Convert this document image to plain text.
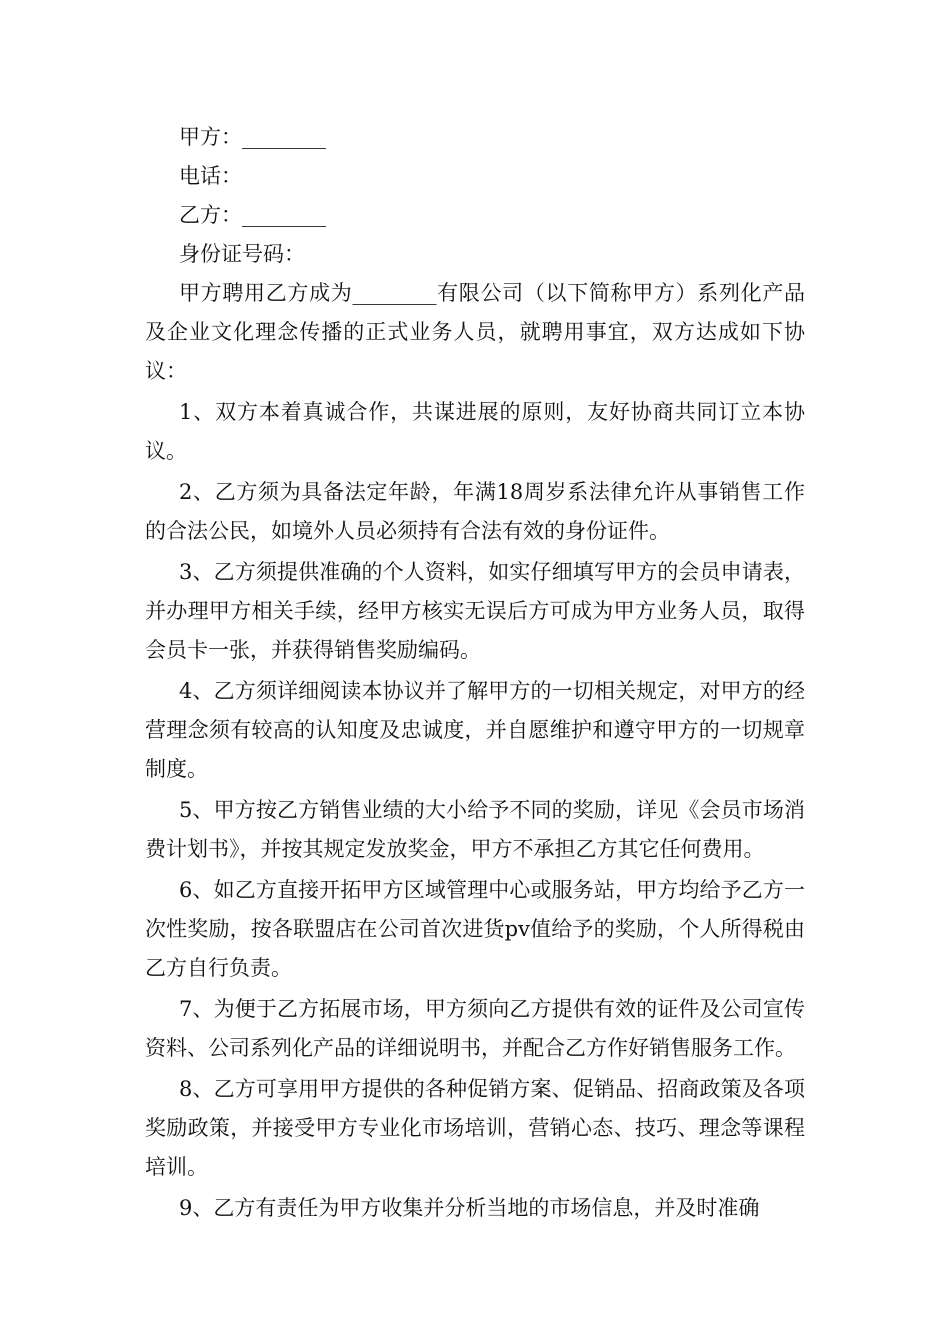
甲方：________

电话：

乙方：________

身份证号码：

甲方聘用乙方成为________有限公司（以下简称甲方）系列化产品及企业文化理念传播的正式业务人员，就聘用事宜，双方达成如下协议：

1、双方本着真诚合作，共谋进展的原则，友好协商共同订立本协议。

2、乙方须为具备法定年龄，年满18周岁系法律允许从事销售工作的合法公民，如境外人员必须持有合法有效的身份证件。

3、乙方须提供准确的个人资料，如实仔细填写甲方的会员申请表，并办理甲方相关手续，经甲方核实无误后方可成为甲方业务人员，取得会员卡一张，并获得销售奖励编码。

4、乙方须详细阅读本协议并了解甲方的一切相关规定，对甲方的经营理念须有较高的认知度及忠诚度，并自愿维护和遵守甲方的一切规章制度。

5、甲方按乙方销售业绩的大小给予不同的奖励，详见《会员市场消费计划书》，并按其规定发放奖金，甲方不承担乙方其它任何费用。

6、如乙方直接开拓甲方区域管理中心或服务站，甲方均给予乙方一次性奖励，按各联盟店在公司首次进货pv值给予的奖励，个人所得税由乙方自行负责。

7、为便于乙方拓展市场，甲方须向乙方提供有效的证件及公司宣传资料、公司系列化产品的详细说明书，并配合乙方作好销售服务工作。

8、乙方可享用甲方提供的各种促销方案、促销品、招商政策及各项奖励政策，并接受甲方专业化市场培训，营销心态、技巧、理念等课程培训。

9、乙方有责任为甲方收集并分析当地的市场信息，并及时准确
